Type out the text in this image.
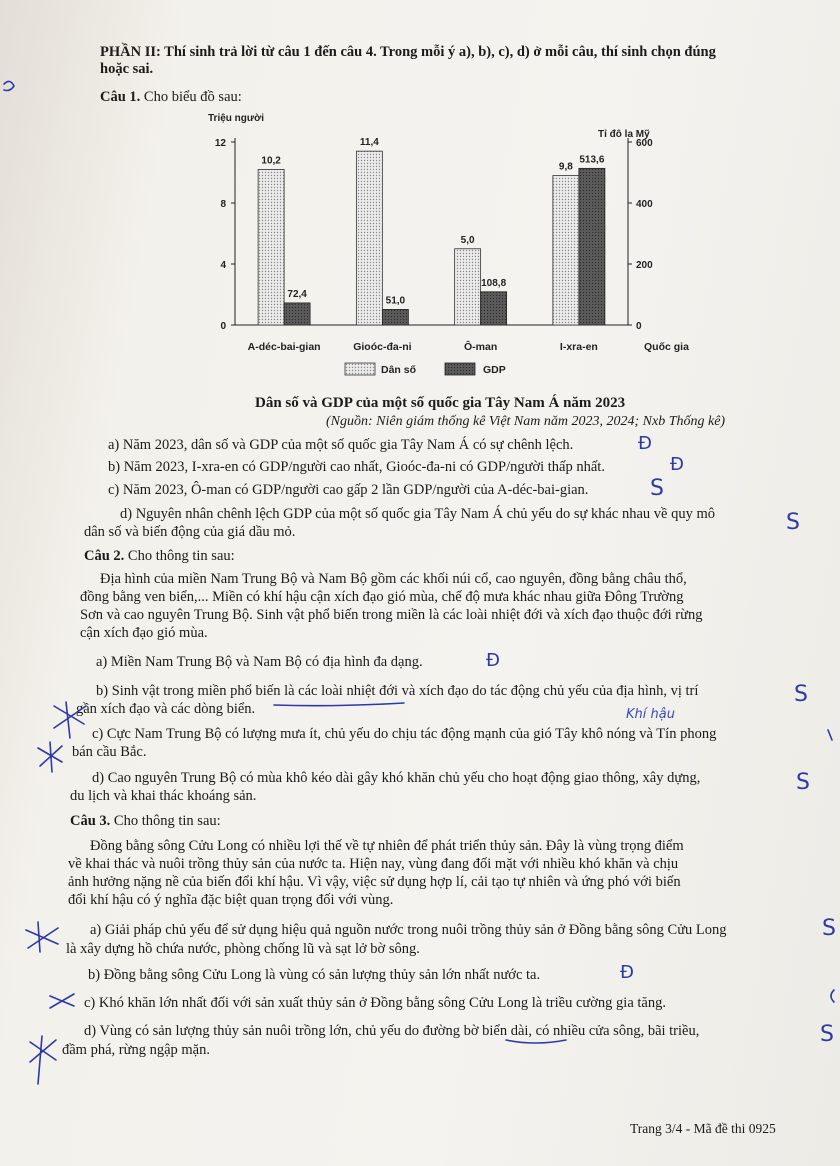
PHẦN II: Thí sinh trả lời từ câu 1 đến câu 4. Trong mỗi ý a), b), c), d) ở mỗi câu, thí sinh chọn đúng
hoặc sai.
Câu 1. Cho biểu đồ sau:
Triệu người
Tỉ đô la Mỹ
0
4
8
12
0
200
400
600
10,2
72,4
A-déc-bai-gian
11,4
51,0
Gioóc-đa-ni
5,0
108,8
Ô-man
9,8
513,6
I-xra-en	Quốc gia
Dân số	GDP
Dân số và GDP của một số quốc gia Tây Nam Á năm 2023
(Nguồn: Niên giám thống kê Việt Nam năm 2023, 2024; Nxb Thống kê)
a) Năm 2023, dân số và GDP của một số quốc gia Tây Nam Á có sự chênh lệch.
b) Năm 2023, I-xra-en có GDP/người cao nhất, Gioóc-đa-ni có GDP/người thấp nhất.
c) Năm 2023, Ô-man có GDP/người cao gấp 2 lần GDP/người của A-déc-bai-gian.
d) Nguyên nhân chênh lệch GDP của một số quốc gia Tây Nam Á chủ yếu do sự khác nhau về quy mô
dân số và biến động của giá dầu mỏ.
Câu 2. Cho thông tin sau:
Địa hình của miền Nam Trung Bộ và Nam Bộ gồm các khối núi cổ, cao nguyên, đồng bằng châu thổ,
đồng bằng ven biển,... Miền có khí hậu cận xích đạo gió mùa, chế độ mưa khác nhau giữa Đông Trường
Sơn và cao nguyên Trung Bộ. Sinh vật phổ biến trong miền là các loài nhiệt đới và xích đạo thuộc đới rừng
cận xích đạo gió mùa.
a) Miền Nam Trung Bộ và Nam Bộ có địa hình đa dạng.
b) Sinh vật trong miền phổ biến là các loài nhiệt đới và xích đạo do tác động chủ yếu của địa hình, vị trí
gần xích đạo và các dòng biển.
c) Cực Nam Trung Bộ có lượng mưa ít, chủ yếu do chịu tác động mạnh của gió Tây khô nóng và Tín phong
bán cầu Bắc.
d) Cao nguyên Trung Bộ có mùa khô kéo dài gây khó khăn chủ yếu cho hoạt động giao thông, xây dựng,
du lịch và khai thác khoáng sản.
Câu 3. Cho thông tin sau:
Đồng bằng sông Cửu Long có nhiều lợi thế về tự nhiên để phát triển thủy sản. Đây là vùng trọng điểm
về khai thác và nuôi trồng thủy sản của nước ta. Hiện nay, vùng đang đối mặt với nhiều khó khăn và chịu
ảnh hưởng nặng nề của biến đổi khí hậu. Vì vậy, việc sử dụng hợp lí, cải tạo tự nhiên và ứng phó với biến
đổi khí hậu có ý nghĩa đặc biệt quan trọng đối với vùng.
a) Giải pháp chủ yếu để sử dụng hiệu quả nguồn nước trong nuôi trồng thủy sản ở Đồng bằng sông Cửu Long
là xây dựng hồ chứa nước, phòng chống lũ và sạt lở bờ sông.
b) Đồng bằng sông Cửu Long là vùng có sản lượng thủy sản lớn nhất nước ta.
c) Khó khăn lớn nhất đối với sản xuất thủy sản ở Đồng bằng sông Cửu Long là triều cường gia tăng.
d) Vùng có sản lượng thủy sản nuôi trồng lớn, chủ yếu do đường bờ biển dài, có nhiều cửa sông, bãi triều,
đầm phá, rừng ngập mặn.
Trang 3/4 - Mã đề thi 0925
Đ
Đ
S
S
Đ
S
Khí hậu
S
S
Đ
S
